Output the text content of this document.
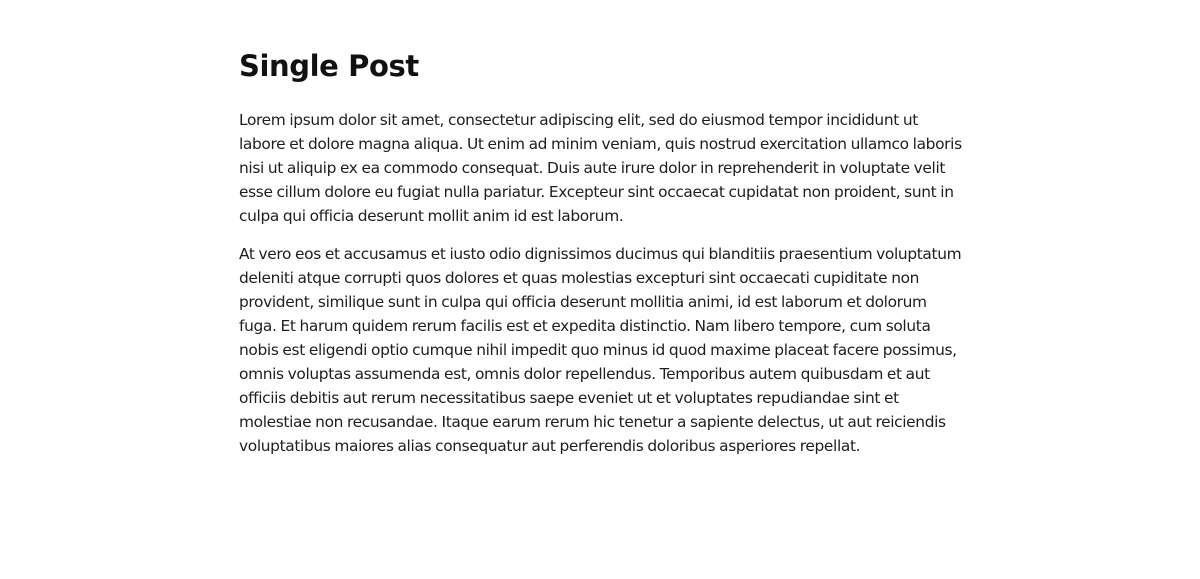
Single Post

Lorem ipsum dolor sit amet, consectetur adipiscing elit, sed do eiusmod tempor incididunt ut labore et dolore magna aliqua. Ut enim ad minim veniam, quis nostrud exercitation ullamco laboris nisi ut aliquip ex ea commodo consequat. Duis aute irure dolor in reprehenderit in voluptate velit esse cillum dolore eu fugiat nulla pariatur. Excepteur sint occaecat cupidatat non proident, sunt in culpa qui officia deserunt mollit anim id est laborum.

At vero eos et accusamus et iusto odio dignissimos ducimus qui blanditiis praesentium voluptatum deleniti atque corrupti quos dolores et quas molestias excepturi sint occaecati cupiditate non provident, similique sunt in culpa qui officia deserunt mollitia animi, id est laborum et dolorum fuga. Et harum quidem rerum facilis est et expedita distinctio. Nam libero tempore, cum soluta nobis est eligendi optio cumque nihil impedit quo minus id quod maxime placeat facere possimus, omnis voluptas assumenda est, omnis dolor repellendus. Temporibus autem quibusdam et aut officiis debitis aut rerum necessitatibus saepe eveniet ut et voluptates repudiandae sint et molestiae non recusandae. Itaque earum rerum hic tenetur a sapiente delectus, ut aut reiciendis voluptatibus maiores alias consequatur aut perferendis doloribus asperiores repellat.
